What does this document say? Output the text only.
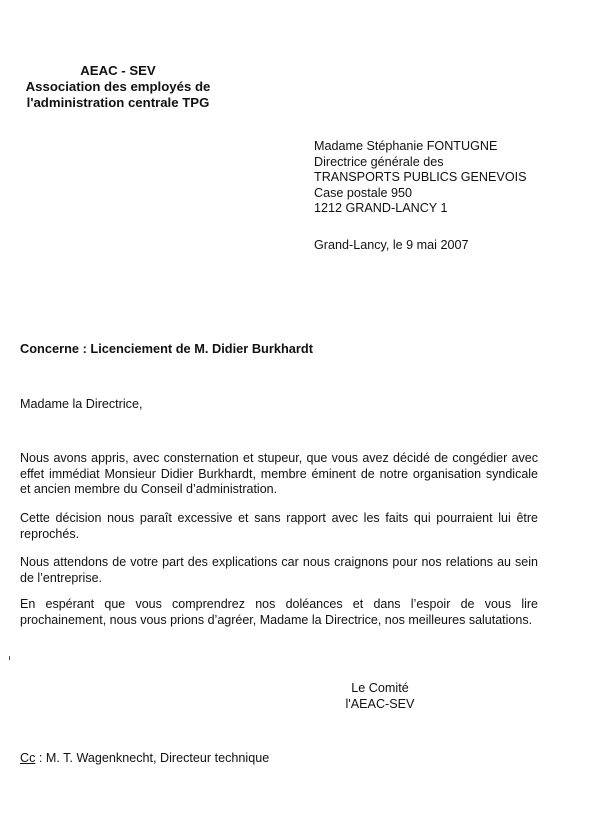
AEAC - SEV
Association des employés de
l'administration centrale TPG
Madame Stéphanie FONTUGNE
Directrice générale des
TRANSPORTS PUBLICS GENEVOIS
Case postale 950
1212 GRAND-LANCY 1
Grand-Lancy, le 9 mai 2007
Concerne : Licenciement de M. Didier Burkhardt
Madame la Directrice,

Nous avons appris, avec consternation et stupeur, que vous avez décidé de congédier avec effet immédiat Monsieur Didier Burkhardt, membre éminent de notre organisation syndicale et ancien membre du Conseil d’administration.

Cette décision nous paraît excessive et sans rapport avec les faits qui pourraient lui être reprochés.

Nous attendons de votre part des explications car nous craignons pour nos relations au sein de l’entreprise.

En espérant que vous comprendrez nos doléances et dans l’espoir de vous lire prochainement, nous vous prions d’agréer, Madame la Directrice, nos meilleures salutations.

Le Comité
l'AEAC-SEV
Cc : M. T. Wagenknecht, Directeur technique
